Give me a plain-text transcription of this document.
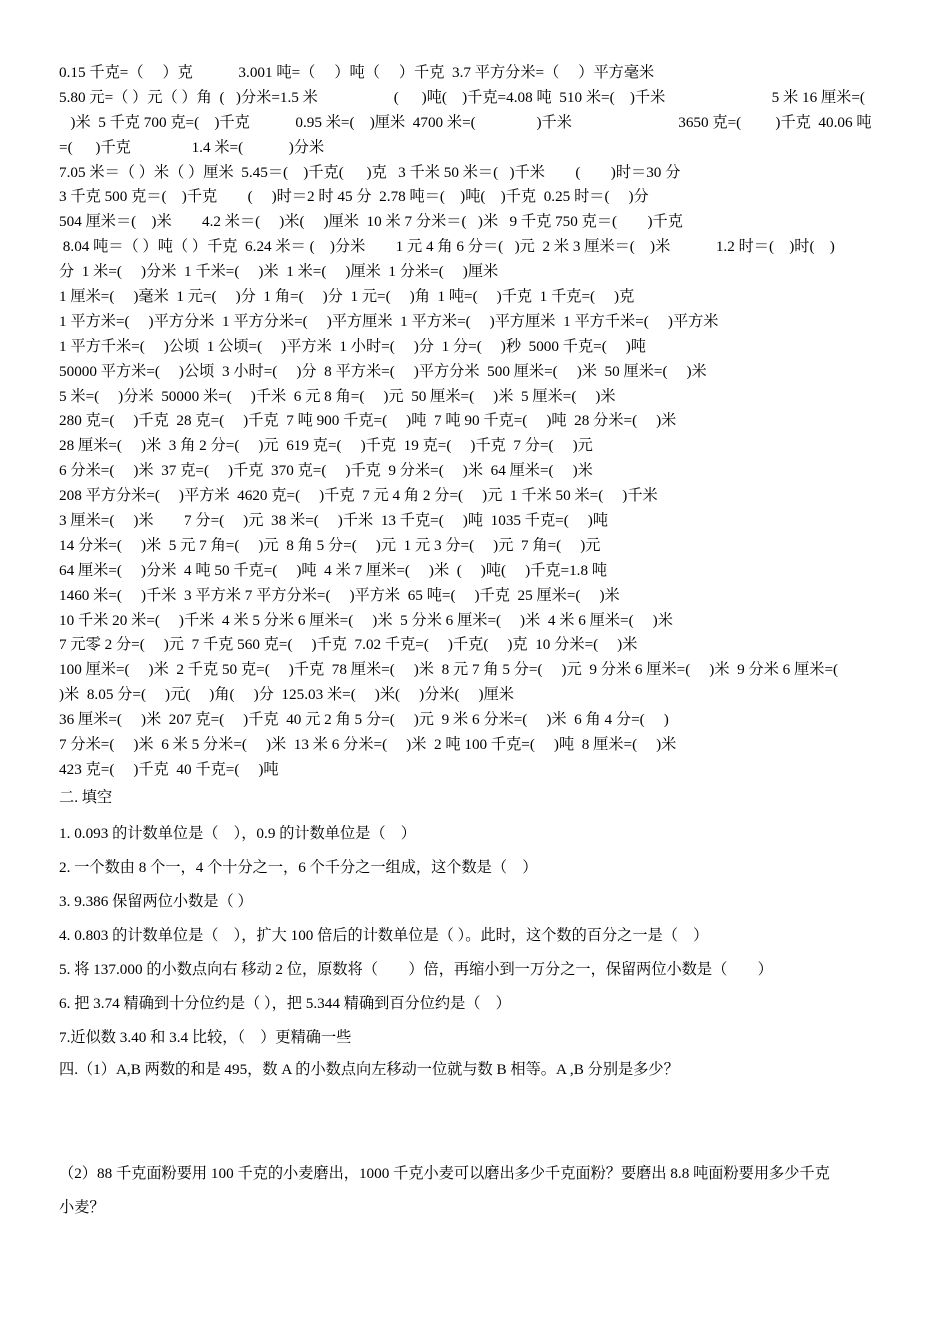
0.15 千克=（　 ）克　　　3.001 吨=（　 ）吨（　 ）千克  3.7 平方分米=（　 ）平方毫米
5.80 元=（ ）元（ ）角  (   )分米=1.5 米　　　　　(      )吨(    )千克=4.08 吨  510 米=(    )千米　　　　　　　5 米 16 厘米=(
)米  5 千克 700 克=(    )千克　　　0.95 米=(    )厘米  4700 米=(　　　　)千米　　　　　　　3650 克=(　　 )千克  40.06 吨
=(      )千克　　　　1.4 米=(　　　)分米
7.05 米＝（ ）米（ ）厘米  5.45＝(    )千克(      )克   3 千米 50 米＝(   )千米　　(　　)时＝30 分
3 千克 500 克＝(    )千克　　(     )时＝2 时 45 分  2.78 吨＝(    )吨(    )千克  0.25 时＝(     )分
504 厘米＝(    )米　　4.2 米＝(     )米(     )厘米  10 米 7 分米＝(   )米   9 千克 750 克＝(　　)千克
8.04 吨＝（ ）吨（ ）千克  6.24 米＝ (    )分米　　1 元 4 角 6 分＝(   )元  2 米 3 厘米＝(    )米　　　1.2 时＝(    )时(    )
分  1 米=(     )分米  1 千米=(     )米  1 米=(     )厘米  1 分米=(     )厘米
1 厘米=(     )毫米  1 元=(     )分  1 角=(     )分  1 元=(     )角  1 吨=(     )千克  1 千克=(     )克
1 平方米=(     )平方分米  1 平方分米=(     )平方厘米  1 平方米=(     )平方厘米  1 平方千米=(     )平方米
1 平方千米=(     )公顷  1 公顷=(     )平方米  1 小时=(     )分  1 分=(     )秒  5000 千克=(     )吨
50000 平方米=(     )公顷  3 小时=(     )分  8 平方米=(     )平方分米  500 厘米=(     )米  50 厘米=(     )米
5 米=(     )分米  50000 米=(     )千米  6 元 8 角=(     )元  50 厘米=(     )米  5 厘米=(     )米
280 克=(     )千克  28 克=(     )千克  7 吨 900 千克=(     )吨  7 吨 90 千克=(     )吨  28 分米=(     )米
28 厘米=(     )米  3 角 2 分=(     )元  619 克=(     )千克  19 克=(     )千克  7 分=(     )元
6 分米=(     )米  37 克=(     )千克  370 克=(     )千克  9 分米=(     )米  64 厘米=(     )米
208 平方分米=(     )平方米  4620 克=(     )千克  7 元 4 角 2 分=(     )元  1 千米 50 米=(     )千米
3 厘米=(     )米　　7 分=(     )元  38 米=(     )千米  13 千克=(     )吨  1035 千克=(     )吨
14 分米=(     )米  5 元 7 角=(     )元  8 角 5 分=(     )元  1 元 3 分=(     )元  7 角=(     )元
64 厘米=(     )分米  4 吨 50 千克=(     )吨  4 米 7 厘米=(     )米  (     )吨(     )千克=1.8 吨
1460 米=(     )千米  3 平方米 7 平方分米=(     )平方米  65 吨=(     )千克  25 厘米=(     )米
10 千米 20 米=(     )千米  4 米 5 分米 6 厘米=(     )米  5 分米 6 厘米=(     )米  4 米 6 厘米=(     )米
7 元零 2 分=(     )元  7 千克 560 克=(     )千克  7.02 千克=(     )千克(     )克  10 分米=(     )米
100 厘米=(     )米  2 千克 50 克=(     )千克  78 厘米=(     )米  8 元 7 角 5 分=(     )元  9 分米 6 厘米=(     )米  9 分米 6 厘米=(
)米  8.05 分=(     )元(     )角(     )分  125.03 米=(     )米(     )分米(     )厘米
36 厘米=(     )米  207 克=(     )千克  40 元 2 角 5 分=(     )元  9 米 6 分米=(     )米  6 角 4 分=(     )
7 分米=(     )米  6 米 5 分米=(     )米  13 米 6 分米=(     )米  2 吨 100 千克=(     )吨  8 厘米=(     )米
423 克=(     )千克  40 千克=(     )吨
二. 填空
1. 0.093 的计数单位是（　），0.9 的计数单位是（　）
2. 一个数由 8 个一，4 个十分之一，6 个千分之一组成，这个数是（　）
3. 9.386 保留两位小数是（ ）
4. 0.803 的计数单位是（　），扩大 100 倍后的计数单位是（ ）。此时，这个数的百分之一是（　）
5. 将 137.000 的小数点向右 移动 2 位，原数将（　　）倍，再缩小到一万分之一，保留两位小数是（　　）
6. 把 3.74 精确到十分位约是（ ），把 5.344 精确到百分位约是（　）
7.近似数 3.40 和 3.4 比较，（　）更精确一些
四.（1）A,B 两数的和是 495，数 A 的小数点向左移动一位就与数 B 相等。A ,B 分别是多少？
（2）88 千克面粉要用 100 千克的小麦磨出，1000 千克小麦可以磨出多少千克面粉？要磨出 8.8 吨面粉要用多少千克
小麦？
